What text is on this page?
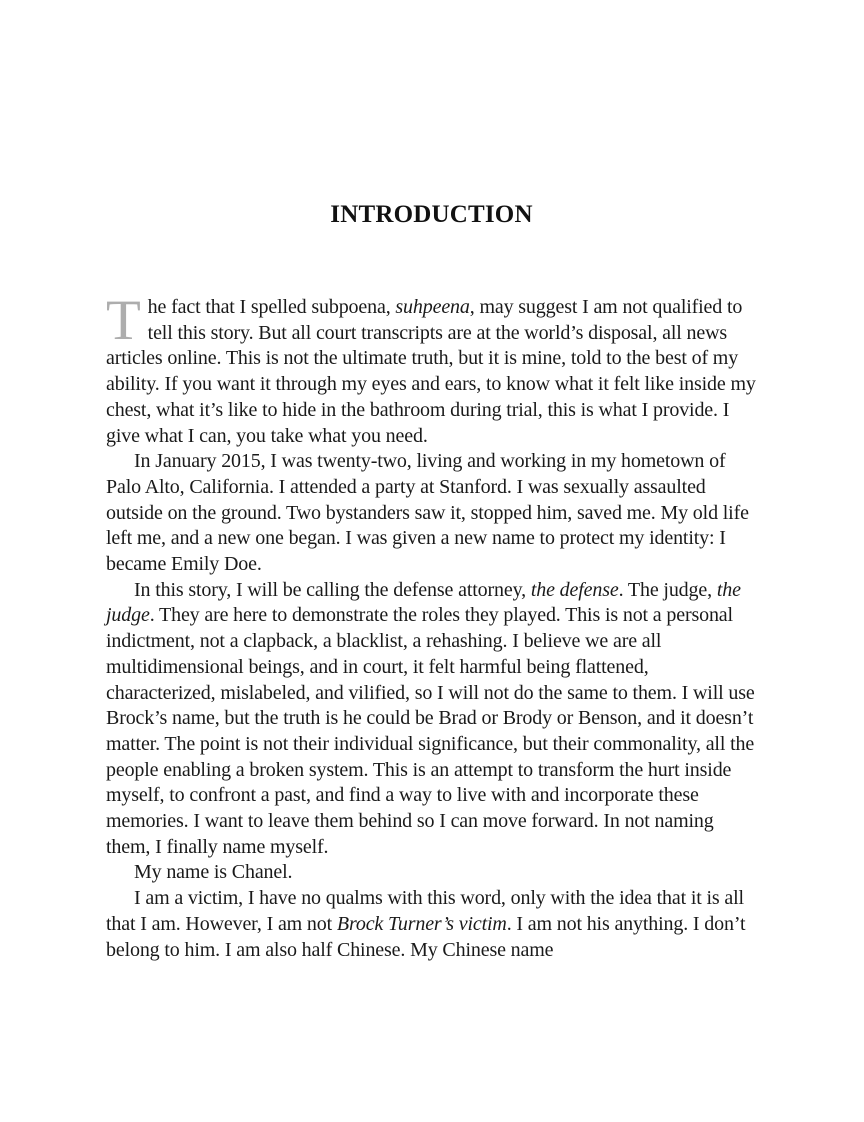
INTRODUCTION

The fact that I spelled subpoena, suhpeena, may suggest I am not qualified to tell this story. But all court transcripts are at the world’s disposal, all news articles online. This is not the ultimate truth, but it is mine, told to the best of my ability. If you want it through my eyes and ears, to know what it felt like inside my chest, what it’s like to hide in the bathroom during trial, this is what I provide. I give what I can, you take what you need.

In January 2015, I was twenty-two, living and working in my hometown of Palo Alto, California. I attended a party at Stanford. I was sexually assaulted outside on the ground. Two bystanders saw it, stopped him, saved me. My old life left me, and a new one began. I was given a new name to protect my identity: I became Emily Doe.

In this story, I will be calling the defense attorney, the defense. The judge, the judge. They are here to demonstrate the roles they played. This is not a personal indictment, not a clapback, a blacklist, a rehashing. I believe we are all multidimensional beings, and in court, it felt harmful being flattened, characterized, mislabeled, and vilified, so I will not do the same to them. I will use Brock’s name, but the truth is he could be Brad or Brody or Benson, and it doesn’t matter. The point is not their individual significance, but their commonality, all the people enabling a broken system. This is an attempt to transform the hurt inside myself, to confront a past, and find a way to live with and incorporate these memories. I want to leave them behind so I can move forward. In not naming them, I finally name myself.

My name is Chanel.

I am a victim, I have no qualms with this word, only with the idea that it is all that I am. However, I am not Brock Turner’s victim. I am not his anything. I don’t belong to him. I am also half Chinese. My Chinese name
